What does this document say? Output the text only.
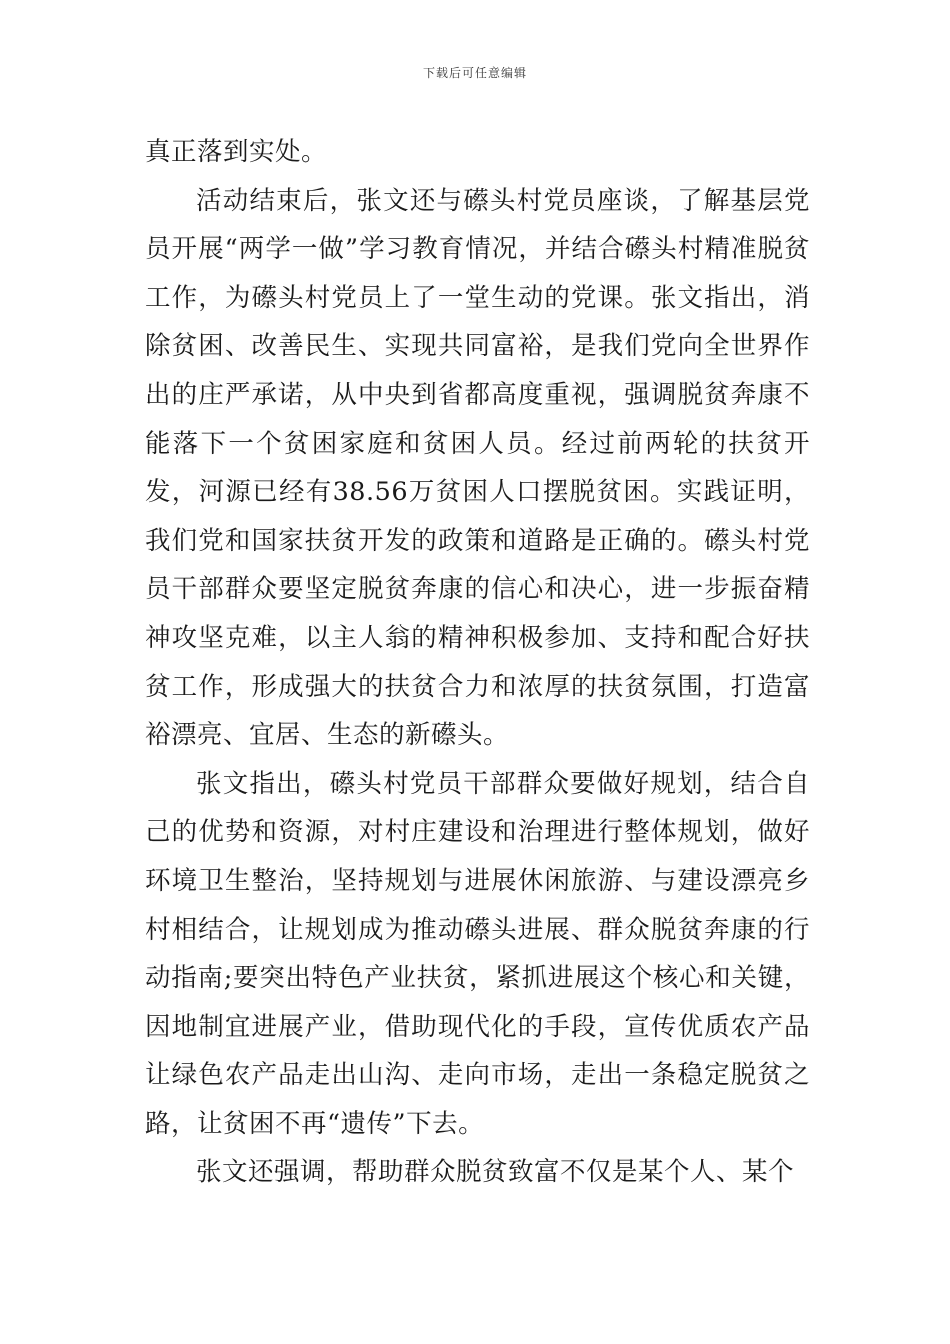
下载后可任意编辑

真正落到实处。

活动结束后，张文还与礤头村党员座谈，了解基层党员开展“两学一做”学习教育情况，并结合礤头村精准脱贫工作，为礤头村党员上了一堂生动的党课。张文指出，消除贫困、改善民生、实现共同富裕，是我们党向全世界作出的庄严承诺，从中央到省都高度重视，强调脱贫奔康不能落下一个贫困家庭和贫困人员。经过前两轮的扶贫开发，河源已经有38.56万贫困人口摆脱贫困。实践证明，我们党和国家扶贫开发的政策和道路是正确的。礤头村党员干部群众要坚定脱贫奔康的信心和决心，进一步振奋精神攻坚克难，以主人翁的精神积极参加、支持和配合好扶贫工作，形成强大的扶贫合力和浓厚的扶贫氛围，打造富裕漂亮、宜居、生态的新礤头。

张文指出，礤头村党员干部群众要做好规划，结合自己的优势和资源，对村庄建设和治理进行整体规划，做好环境卫生整治，坚持规划与进展休闲旅游、与建设漂亮乡村相结合，让规划成为推动礤头进展、群众脱贫奔康的行动指南;要突出特色产业扶贫，紧抓进展这个核心和关键，因地制宜进展产业，借助现代化的手段，宣传优质农产品让绿色农产品走出山沟、走向市场，走出一条稳定脱贫之路，让贫困不再“遗传”下去。

张文还强调，帮助群众脱贫致富不仅是某个人、某个
